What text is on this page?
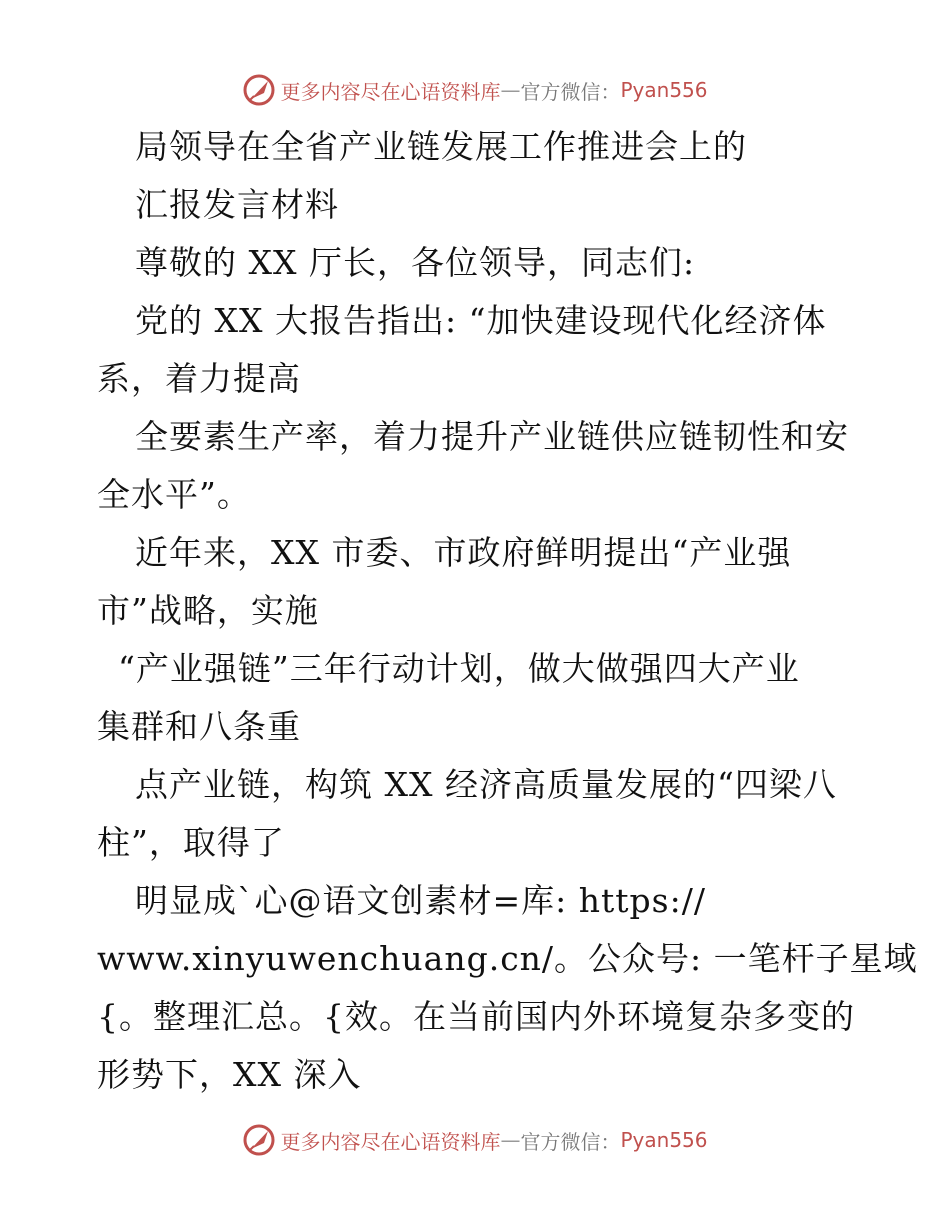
更多内容尽在心语资料库 — 官方微信： Pyan556
局领导在全省产业链发展工作推进会上的
汇报发言材料
尊敬的 XX 厅长，各位领导，同志们:
党的 XX 大报告指出: “加快建设现代化经济体
系，着力提高
全要素生产率，着力提升产业链供应链韧性和安
全水平”。
近年来，XX 市委、市政府鲜明提出“产业强
市”战略，实施
“产业强链”三年行动计划，做大做强四大产业
集群和八条重
点产业链，构筑 XX 经济高质量发展的“四梁八
柱”，取得了
明显成`心@语文创素材=库: https://
www.xinyuwenchuang.cn/。公众号: 一笔杆子星域
{。整理汇总。{效。在当前国内外环境复杂多变的
形势下，XX 深入
更多内容尽在心语资料库 — 官方微信： Pyan556
